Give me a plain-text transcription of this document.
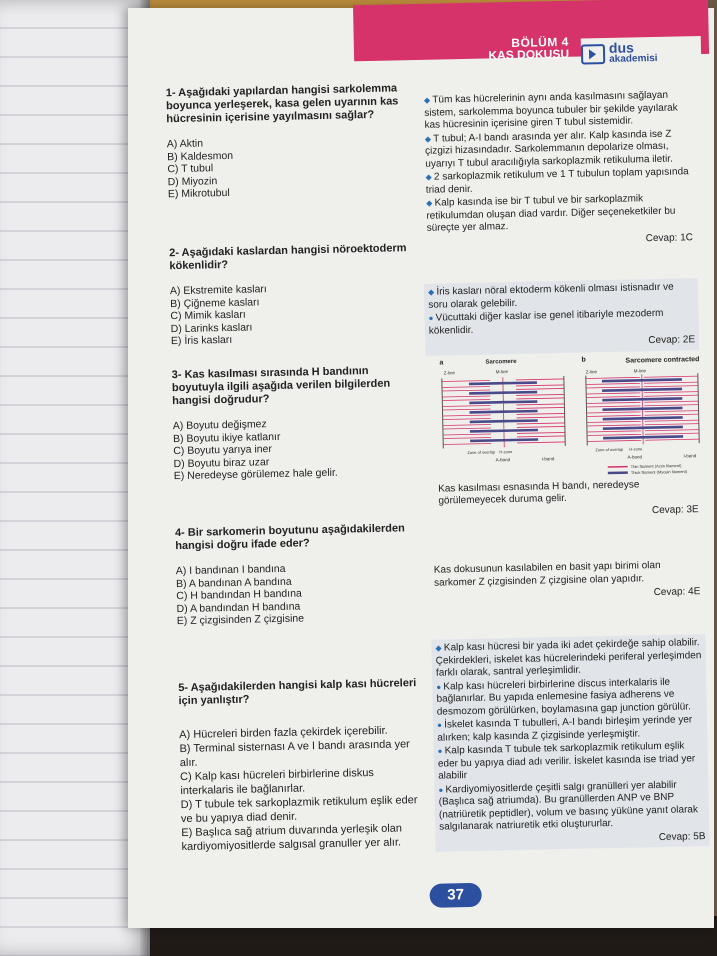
BÖLÜM 4
KAS DOKUSU	dus
akademisi
1- Aşağıdaki yapılardan hangisi sarkolemma boyunca yerleşerek, kasa gelen uyarının kas hücresinin içerisine yayılmasını sağlar?
A) Aktin
B) Kaldesmon
C) T tubul
D) Miyozin
E) Mikrotubul

◆ Tüm kas hücrelerinin aynı anda kasılmasını sağlayan sistem, sarkolemma boyunca tubuler bir şekilde yayılarak kas hücresinin içerisine giren T tubul sistemidir.

◆ T tubul; A-I bandı arasında yer alır. Kalp kasında ise Z çizgizi hizasındadır. Sarkolemmanın depolarize olması, uyarıyı T tubul aracılığıyla sarkoplazmik retikuluma iletir.

◆ 2 sarkoplazmik retikulum ve 1 T tubulun toplam yapısında triad denir.

◆ Kalp kasında ise bir T tubul ve bir sarkoplazmik retikulumdan oluşan diad vardır. Diğer seçeneketkiler bu süreçte yer almaz.

Cevap: 1C
2- Aşağıdaki kaslardan hangisi nöroektoderm kökenlidir?
A) Ekstremite kasları
B) Çiğneme kasları
C) Mimik kasları
D) Larinks kasları
E) İris kasları

◆ İris kasları nöral ektoderm kökenli olması istisnadır ve soru olarak gelebilir.

● Vücuttaki diğer kaslar ise genel itibariyle mezoderm kökenlidir.

Cevap: 2E
3- Kas kasılması sırasında H bandının boyutuyla ilgili aşağıda verilen bilgilerden hangisi doğrudur?
A) Boyutu değişmez
B) Boyutu ikiye katlanır
C) Boyutu yarıya iner
D) Boyutu biraz uzar
E) Neredeyse görülemez hale gelir.
a	Sarcomere	b	Sarcomere contracted
Z-line	M-line	Z-line	M-line
Zone of overlap H-zone
A-band	I-band
Zone of overlap H-zone
A-band	I-band
Thin filament (Actin filament)
Thick filament (Myosin filament)
Kas kasılması esnasında H bandı, neredeyse görülemeyecek duruma gelir.
Cevap: 3E
4- Bir sarkomerin boyutunu aşağıdakilerden hangisi doğru ifade eder?
A) I bandınan I bandına
B) A bandınan A bandına
C) H bandından H bandına
D) A bandından H bandına
E) Z çizgisinden Z çizgisine
Kas dokusunun kasılabilen en basit yapı birimi olan sarkomer Z çizgisinden Z çizgisine olan yapıdır.
Cevap: 4E
5- Aşağıdakilerden hangisi kalp kası hücreleri için yanlıştır?
A) Hücreleri birden fazla çekirdek içerebilir.
B) Terminal sisternası A ve I bandı arasında yer alır.
C) Kalp kası hücreleri birbirlerine diskus interkalaris ile bağlanırlar.
D) T tubule tek sarkoplazmik retikulum eşlik eder ve bu yapıya diad denir.
E) Başlıca sağ atrium duvarında yerleşik olan kardiyomiyositlerde salgısal granuller yer alır.

◆ Kalp kası hücresi bir yada iki adet çekirdeğe sahip olabilir. Çekirdekleri, iskelet kas hücrelerindeki periferal yerleşimden farklı olarak, santral yerleşimlidir.

● Kalp kası hücreleri birbirlerine discus interkalaris ile bağlanırlar. Bu yapıda enlemesine fasiya adherens ve desmozom görülürken, boylamasına gap junction görülür.

● İskelet kasında T tubulleri, A-I bandı birleşim yerinde yer alırken; kalp kasında Z çizgisinde yerleşmiştir.

● Kalp kasında T tubule tek sarkoplazmik retikulum eşlik eder bu yapıya diad adı verilir. İskelet kasında ise triad yer alabilir

● Kardiyomiyositlerde çeşitli salgı granülleri yer alabilir (Başlıca sağ atriumda). Bu granüllerden ANP ve BNP (natriüretik peptidler), volum ve basınç yüküne yanıt olarak salgılanarak natriuretik etki oluştururlar.

Cevap: 5B
37
